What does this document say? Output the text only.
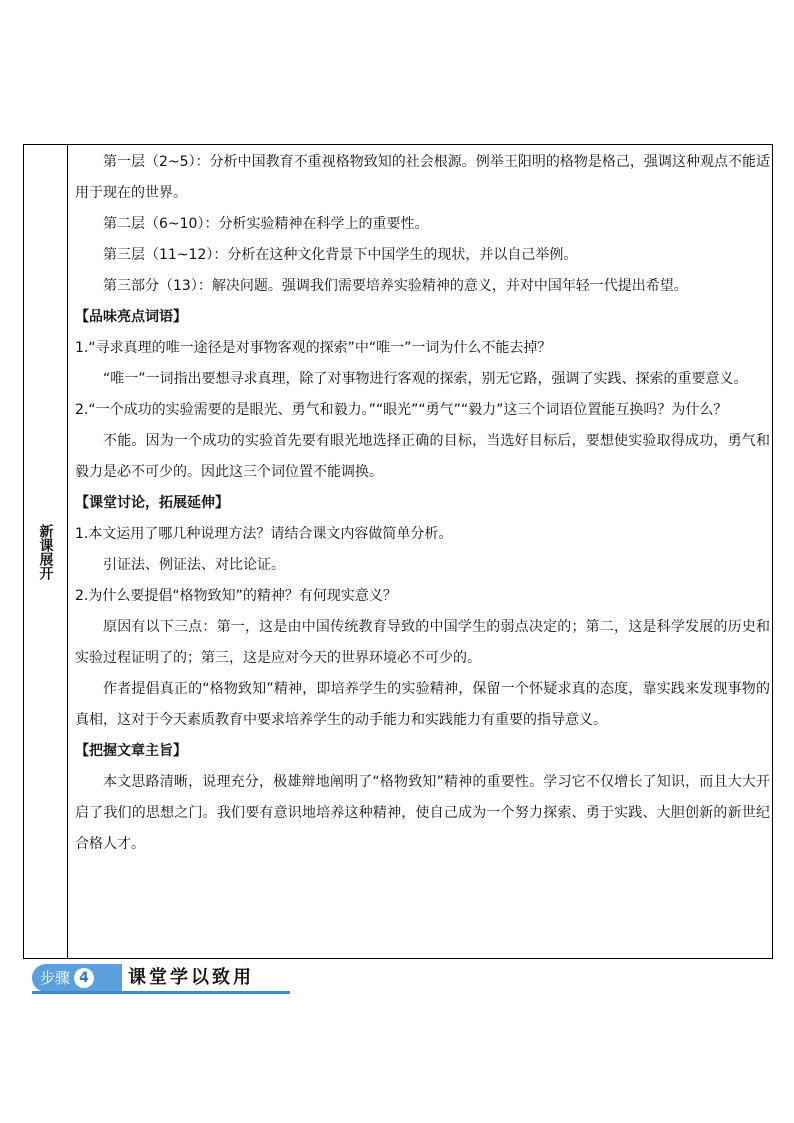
新课展开

第一层（2~5）：分析中国教育不重视格物致知的社会根源。例举王阳明的格物是格己，强调这种观点不能适用于现在的世界。

第二层（6~10）：分析实验精神在科学上的重要性。

第三层（11~12）：分析在这种文化背景下中国学生的现状，并以自己举例。

第三部分（13）：解决问题。强调我们需要培养实验精神的意义，并对中国年轻一代提出希望。

【品味亮点词语】

1.“寻求真理的唯一途径是对事物客观的探索”中“唯一”一词为什么不能去掉？

“唯一”一词指出要想寻求真理，除了对事物进行客观的探索，别无它路，强调了实践、探索的重要意义。

2.“一个成功的实验需要的是眼光、勇气和毅力。”“眼光”“勇气”“毅力”这三个词语位置能互换吗？为什么？

不能。因为一个成功的实验首先要有眼光地选择正确的目标，当选好目标后，要想使实验取得成功，勇气和毅力是必不可少的。因此这三个词位置不能调换。

【课堂讨论，拓展延伸】

1.本文运用了哪几种说理方法？请结合课文内容做简单分析。

引证法、例证法、对比论证。

2.为什么要提倡“格物致知”的精神？有何现实意义？

原因有以下三点：第一，这是由中国传统教育导致的中国学生的弱点决定的；第二，这是科学发展的历史和实验过程证明了的；第三，这是应对今天的世界环境必不可少的。

作者提倡真正的“格物致知”精神，即培养学生的实验精神，保留一个怀疑求真的态度，靠实践来发现事物的真相，这对于今天素质教育中要求培养学生的动手能力和实践能力有重要的指导意义。

【把握文章主旨】

本文思路清晰，说理充分，极雄辩地阐明了“格物致知”精神的重要性。学习它不仅增长了知识，而且大大开启了我们的思想之门。我们要有意识地培养这种精神，使自己成为一个努力探索、勇于实践、大胆创新的新世纪合格人才。

步骤 4 课堂学以致用
